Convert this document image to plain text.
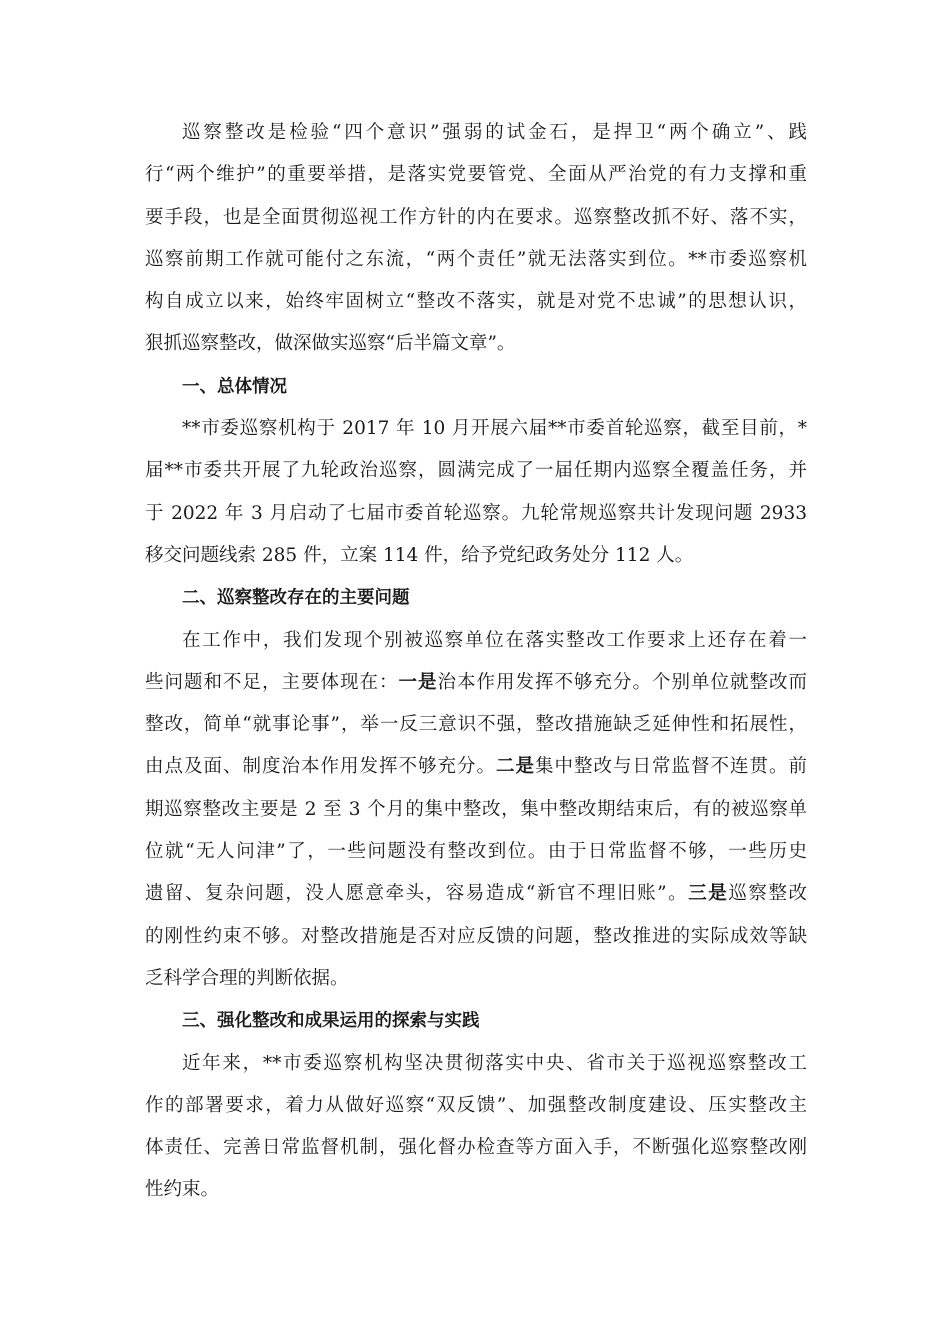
巡察整改是检验“四个意识”强弱的试金石，是捍卫“两个确立”、践
行“两个维护”的重要举措，是落实党要管党、全面从严治党的有力支撑和重
要手段，也是全面贯彻巡视工作方针的内在要求。巡察整改抓不好、落不实，
巡察前期工作就可能付之东流，“两个责任”就无法落实到位。**市委巡察机
构自成立以来，始终牢固树立“整改不落实，就是对党不忠诚”的思想认识，
狠抓巡察整改，做深做实巡察“后半篇文章”。
一、总体情况
**市委巡察机构于 2017 年 10 月开展六届**市委首轮巡察，截至目前，*
届**市委共开展了九轮政治巡察，圆满完成了一届任期内巡察全覆盖任务，并
于 2022 年 3 月启动了七届市委首轮巡察。九轮常规巡察共计发现问题 2933
移交问题线索 285 件，立案 114 件，给予党纪政务处分 112 人。
二、巡察整改存在的主要问题
在工作中，我们发现个别被巡察单位在落实整改工作要求上还存在着一
些问题和不足，主要体现在：一是治本作用发挥不够充分。个别单位就整改而
整改，简单“就事论事”，举一反三意识不强，整改措施缺乏延伸性和拓展性，
由点及面、制度治本作用发挥不够充分。二是集中整改与日常监督不连贯。前
期巡察整改主要是 2 至 3 个月的集中整改，集中整改期结束后，有的被巡察单
位就“无人问津”了，一些问题没有整改到位。由于日常监督不够，一些历史
遗留、复杂问题，没人愿意牵头，容易造成“新官不理旧账”。三是巡察整改
的刚性约束不够。对整改措施是否对应反馈的问题，整改推进的实际成效等缺
乏科学合理的判断依据。
三、强化整改和成果运用的探索与实践
近年来，**市委巡察机构坚决贯彻落实中央、省市关于巡视巡察整改工
作的部署要求，着力从做好巡察“双反馈”、加强整改制度建设、压实整改主
体责任、完善日常监督机制，强化督办检查等方面入手，不断强化巡察整改刚
性约束。
